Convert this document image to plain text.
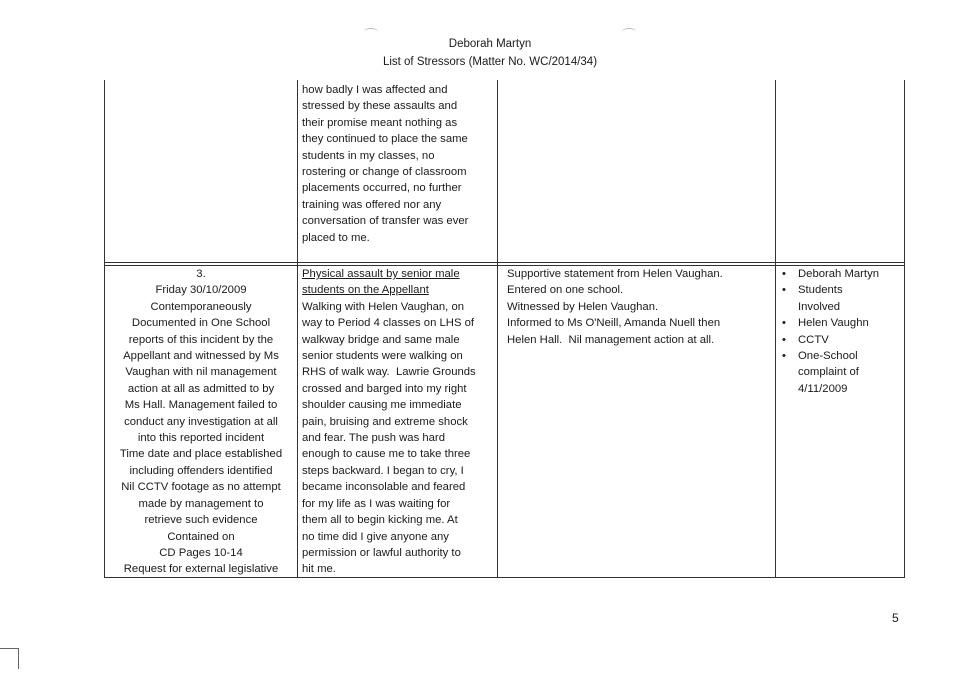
Deborah Martyn
List of Stressors (Matter No. WC/2014/34)
how badly I was affected and
stressed by these assaults and
their promise meant nothing as
they continued to place the same
students in my classes, no
rostering or change of classroom
placements occurred, no further
training was offered nor any
conversation of transfer was ever
placed to me.
3.
Friday 30/10/2009
Contemporaneously
Documented in One School
reports of this incident by the
Appellant and witnessed by Ms
Vaughan with nil management
action at all as admitted to by
Ms Hall. Management failed to
conduct any investigation at all
into this reported incident
Time date and place established
including offenders identified
Nil CCTV footage as no attempt
made by management to
retrieve such evidence
Contained on
CD Pages 10-14
Request for external legislative
Physical assault by senior male
students on the Appellant
Walking with Helen Vaughan, on
way to Period 4 classes on LHS of
walkway bridge and same male
senior students were walking on
RHS of walk way.  Lawrie Grounds
crossed and barged into my right
shoulder causing me immediate
pain, bruising and extreme shock
and fear. The push was hard
enough to cause me to take three
steps backward. I began to cry, I
became inconsolable and feared
for my life as I was waiting for
them all to begin kicking me. At
no time did I give anyone any
permission or lawful authority to
hit me.
Supportive statement from Helen Vaughan.
Entered on one school.
Witnessed by Helen Vaughan.
Informed to Ms O'Neill, Amanda Nuell then
Helen Hall.  Nil management action at all.
• Deborah Martyn
• Students
Involved
• Helen Vaughn
• CCTV
• One-School
complaint of
4/11/2009
5
